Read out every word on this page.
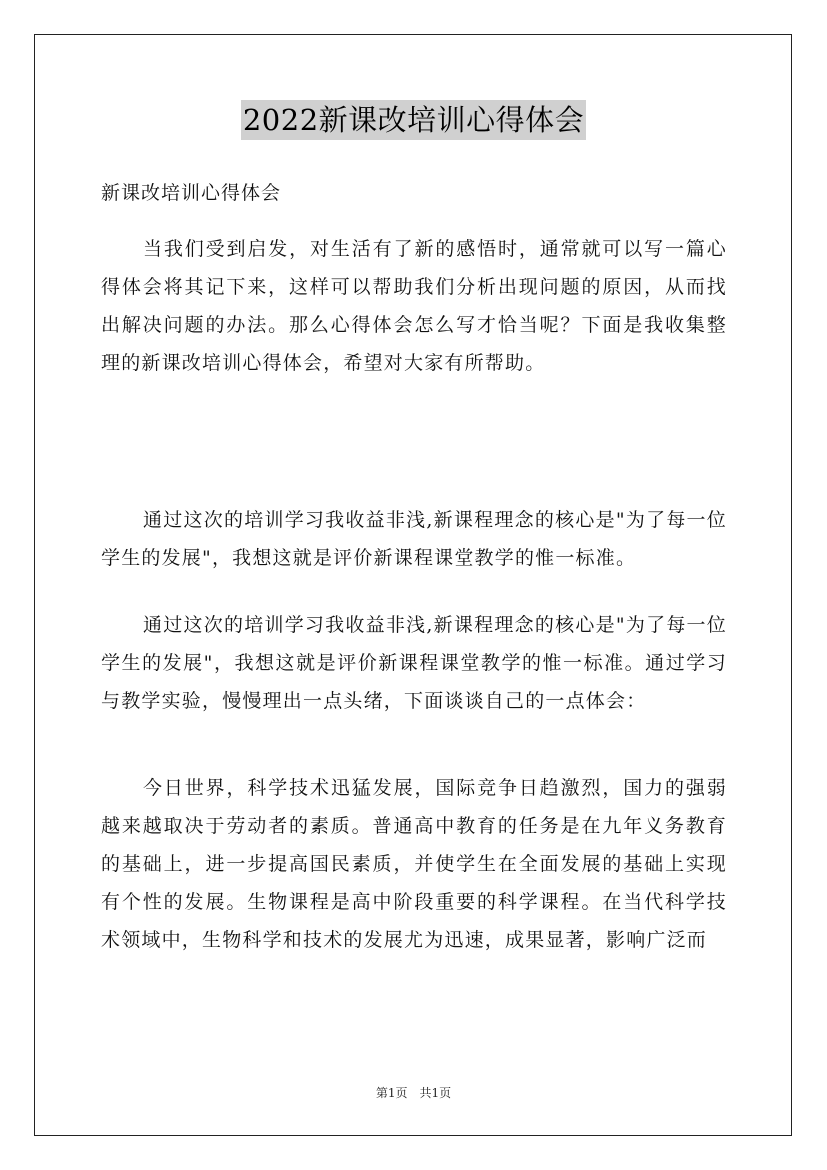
2022新课改培训心得体会
新课改培训心得体会

当我们受到启发，对生活有了新的感悟时，通常就可以写一篇心得体会将其记下来，这样可以帮助我们分析出现问题的原因，从而找出解决问题的办法。那么心得体会怎么写才恰当呢？下面是我收集整理的新课改培训心得体会，希望对大家有所帮助。

通过这次的培训学习我收益非浅,新课程理念的核心是"为了每一位学生的发展"，我想这就是评价新课程课堂教学的惟一标准。

通过这次的培训学习我收益非浅,新课程理念的核心是"为了每一位学生的发展"，我想这就是评价新课程课堂教学的惟一标准。通过学习与教学实验，慢慢理出一点头绪，下面谈谈自己的一点体会：

今日世界，科学技术迅猛发展，国际竞争日趋激烈，国力的强弱越来越取决于劳动者的素质。普通高中教育的任务是在九年义务教育的基础上，进一步提高国民素质，并使学生在全面发展的基础上实现有个性的发展。生物课程是高中阶段重要的科学课程。在当代科学技术领域中，生物科学和技术的发展尤为迅速，成果显著，影响广泛而

第1页　共1页
